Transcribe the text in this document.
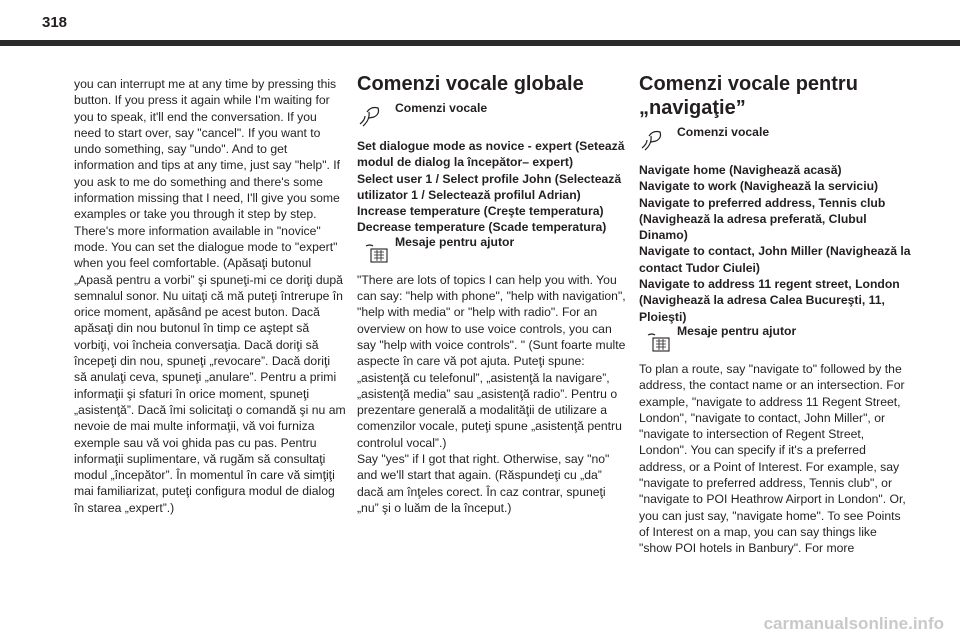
318

you can interrupt me at any time by pressing this button. If you press it again while I'm waiting for you to speak, it'll end the conversation. If you need to start over, say "cancel". If you want to undo something, say "undo". And to get information and tips at any time, just say "help". If you ask to me do something and there's some information missing that I need, I'll give you some examples or take you through it step by step. There's more information available in "novice" mode. You can set the dialogue mode to "expert" when you feel comfortable. (Apăsaţi butonul „Apasă pentru a vorbi” şi spuneţi-mi ce doriţi după semnalul sonor. Nu uitaţi că mă puteţi întrerupe în orice moment, apăsând pe acest buton. Dacă apăsaţi din nou butonul în timp ce aştept să vorbiţi, voi încheia conversaţia. Dacă doriţi să începeţi din nou, spuneţi „revocare”. Dacă doriţi să anulaţi ceva, spuneţi „anulare”. Pentru a primi informaţii şi sfaturi în orice moment, spuneţi „asistenţă”. Dacă îmi solicitaţi o comandă şi nu am nevoie de mai multe informaţii, vă voi furniza exemple sau vă voi ghida pas cu pas. Pentru informaţii suplimentare, vă rugăm să consultaţi modul „începător”. În momentul în care vă simţiţi mai familiarizat, puteţi configura modul de dialog în starea „expert”.)

Comenzi vocale globale
Comenzi vocale

Set dialogue mode as novice - expert (Setează modul de dialog la începător– expert)
Select user 1 / Select profile John (Selectează utilizator 1 / Selectează profilul Adrian)
Increase temperature (Creşte temperatura)
Decrease temperature (Scade temperatura)

Mesaje pentru ajutor

"There are lots of topics I can help you with. You can say: "help with phone", "help with navigation", "help with media" or "help with radio". For an overview on how to use voice controls, you can say "help with voice controls". " (Sunt foarte multe aspecte în care vă pot ajuta. Puteţi spune: „asistenţă cu telefonul”, „asistenţă la navigare”, „asistenţă media” sau „asistenţă radio”. Pentru o prezentare generală a modalităţii de utilizare a comenzilor vocale, puteţi spune „asistenţă pentru controlul vocal”.)
Say "yes" if I got that right. Otherwise, say "no" and we'll start that again. (Răspundeţi cu „da” dacă am înţeles corect. În caz contrar, spuneţi „nu” şi o luăm de la început.)

Comenzi vocale pentru „navigaţie”
Comenzi vocale

Navigate home (Navighează acasă)
Navigate to work (Navighează la serviciu)
Navigate to preferred address, Tennis club (Navighează la adresa preferată, Clubul Dinamo)
Navigate to contact, John Miller (Navighează la contact Tudor Ciulei)
Navigate to address 11 regent street, London (Navighează la adresa Calea Bucureşti, 11, Ploieşti)

Mesaje pentru ajutor

To plan a route, say "navigate to" followed by the address, the contact name or an intersection. For example, "navigate to address 11 Regent Street, London", "navigate to contact, John Miller", or "navigate to intersection of Regent Street, London". You can specify if it's a preferred address, or a Point of Interest. For example, say "navigate to preferred address, Tennis club", or "navigate to POI Heathrow Airport in London". Or, you can just say, "navigate home". To see Points of Interest on a map, you can say things like "show POI hotels in Banbury". For more

carmanualsonline.info
